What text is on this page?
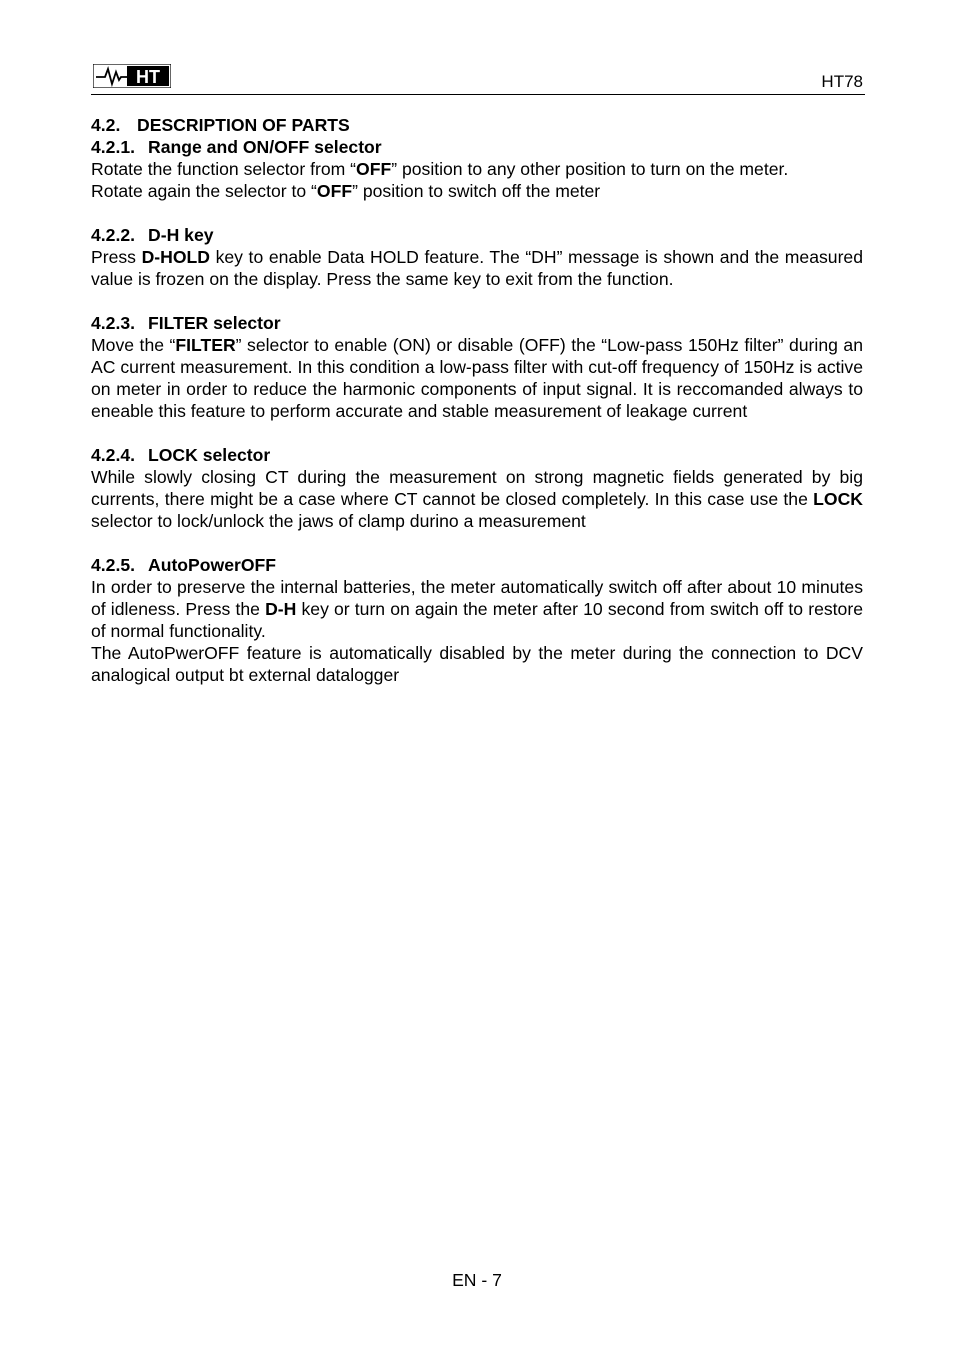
HT	HT78
4.2. DESCRIPTION OF PARTS
4.2.1. Range and ON/OFF selector

Rotate the function selector from “OFF” position to any other position to turn on the meter.

Rotate again the selector to “OFF” position to switch off the meter

4.2.2. D-H key

Press D-HOLD key to enable Data HOLD feature. The “DH” message is shown and the measured value is frozen on the display. Press the same key to exit from the function.

4.2.3. FILTER selector

Move the “FILTER” selector to enable (ON) or disable (OFF) the “Low-pass 150Hz filter” during an AC current measurement. In this condition a low-pass filter with cut-off frequency of 150Hz is active on meter in order to reduce the harmonic components of input signal. It is reccomanded always to eneable this feature to perform accurate and stable measurement of leakage current

4.2.4. LOCK selector

While slowly closing CT during the measurement on strong magnetic fields generated by big currents, there might be a case where CT cannot be closed completely. In this case use the LOCK selector to lock/unlock the jaws of clamp durino a measurement

4.2.5. AutoPowerOFF

In order to preserve the internal batteries, the meter automatically switch off after about 10 minutes of idleness. Press the D-H key or turn on again the meter after 10 second from switch off to restore of normal functionality.

The AutoPwerOFF feature is automatically disabled by the meter during the connection to DCV analogical output bt external datalogger

EN - 7
